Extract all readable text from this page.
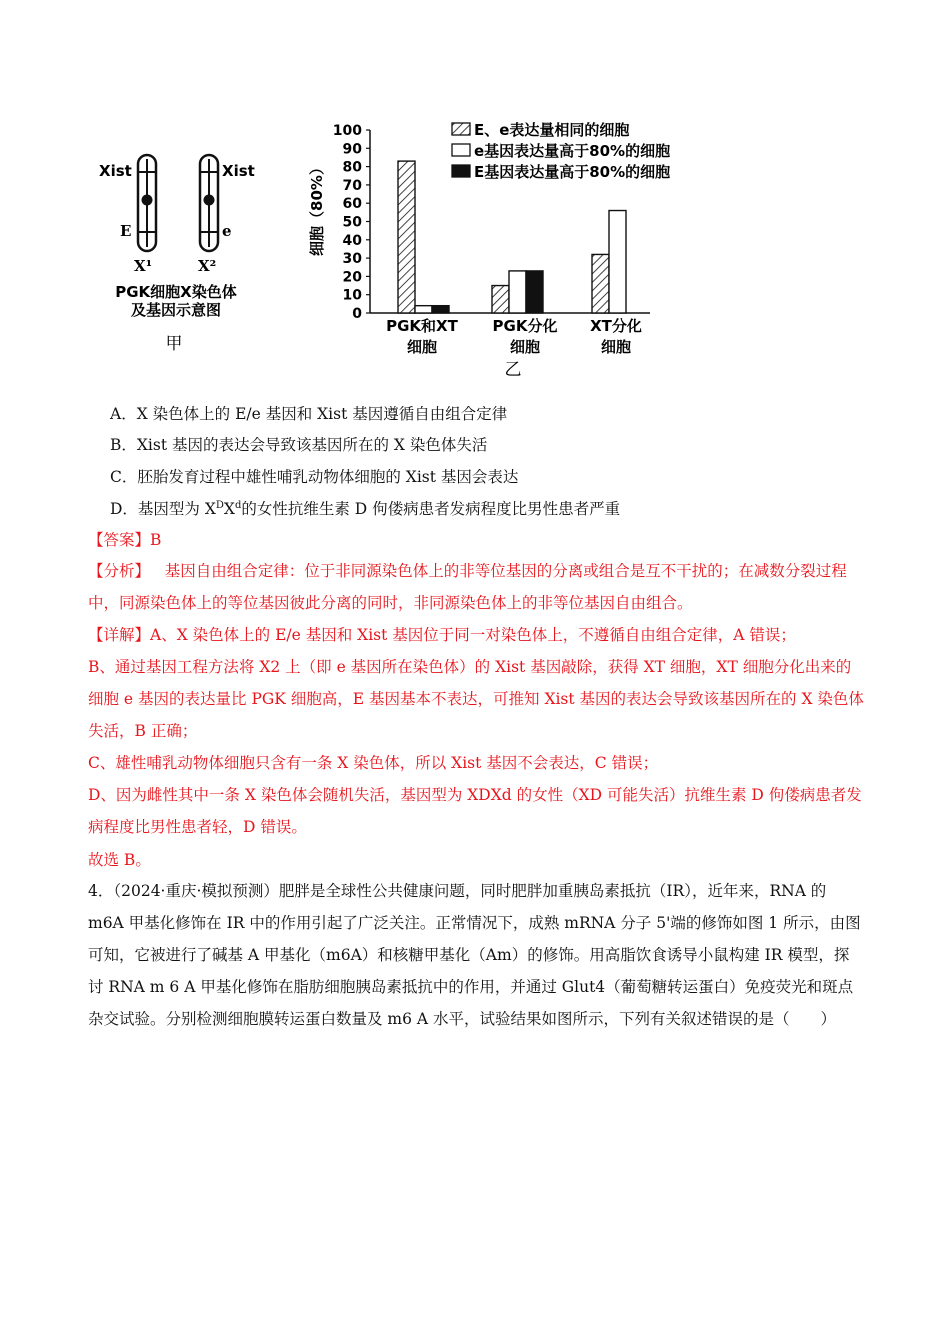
Xist	Xist
E	e
X¹	X²
PGK细胞X染色体
及基因示意图
甲
0
10
20
30
40
50
60
70
80
90
100
PGK和XT
细胞
PGK分化
细胞
XT分化
细胞
E、e表达量相同的细胞
e基因表达量高于80%的细胞
E基因表达量高于80%的细胞
细胞（80%）
乙
A．X 染色体上的 E/e 基因和 Xist 基因遵循自由组合定律
B．Xist 基因的表达会导致该基因所在的 X 染色体失活
C．胚胎发育过程中雄性哺乳动物体细胞的 Xist 基因会表达
D．基因型为 $X^DX^d$的女性抗维生素 D 佝偻病患者发病程度比男性患者严重
【答案】B
【分析】 基因自由组合定律：位于非同源染色体上的非等位基因的分离或组合是互不干扰的；在减数分裂过程中，同源染色体上的等位基因彼此分离的同时，非同源染色体上的非等位基因自由组合。
【详解】A、X 染色体上的 E/e 基因和 Xist 基因位于同一对染色体上，不遵循自由组合定律，A 错误；
B、通过基因工程方法将 X2 上（即 e 基因所在染色体）的 Xist 基因敲除，获得 XT 细胞，XT 细胞分化出来的细胞 e 基因的表达量比 PGK 细胞高，E 基因基本不表达，可推知 Xist 基因的表达会导致该基因所在的 X 染色体失活，B 正确；
C、雄性哺乳动物体细胞只含有一条 X 染色体，所以 Xist 基因不会表达，C 错误；
D、因为雌性其中一条 X 染色体会随机失活，基因型为 XDXd 的女性（XD 可能失活）抗维生素 D 佝偻病患者发病程度比男性患者轻，D 错误。
故选 B。
4．（2024·重庆·模拟预测）肥胖是全球性公共健康问题，同时肥胖加重胰岛素抵抗（IR），近年来，RNA 的 m6A 甲基化修饰在 IR 中的作用引起了广泛关注。正常情况下，成熟 mRNA 分子 5'端的修饰如图 1 所示，由图可知，它被进行了碱基 A 甲基化（m6A）和核糖甲基化（Am）的修饰。用高脂饮食诱导小鼠构建 IR 模型，探讨 RNA m 6 A 甲基化修饰在脂肪细胞胰岛素抵抗中的作用，并通过 Glut4（葡萄糖转运蛋白）免疫荧光和斑点杂交试验。分别检测细胞膜转运蛋白数量及 m6 A 水平，试验结果如图所示，下列有关叙述错误的是（　　）
